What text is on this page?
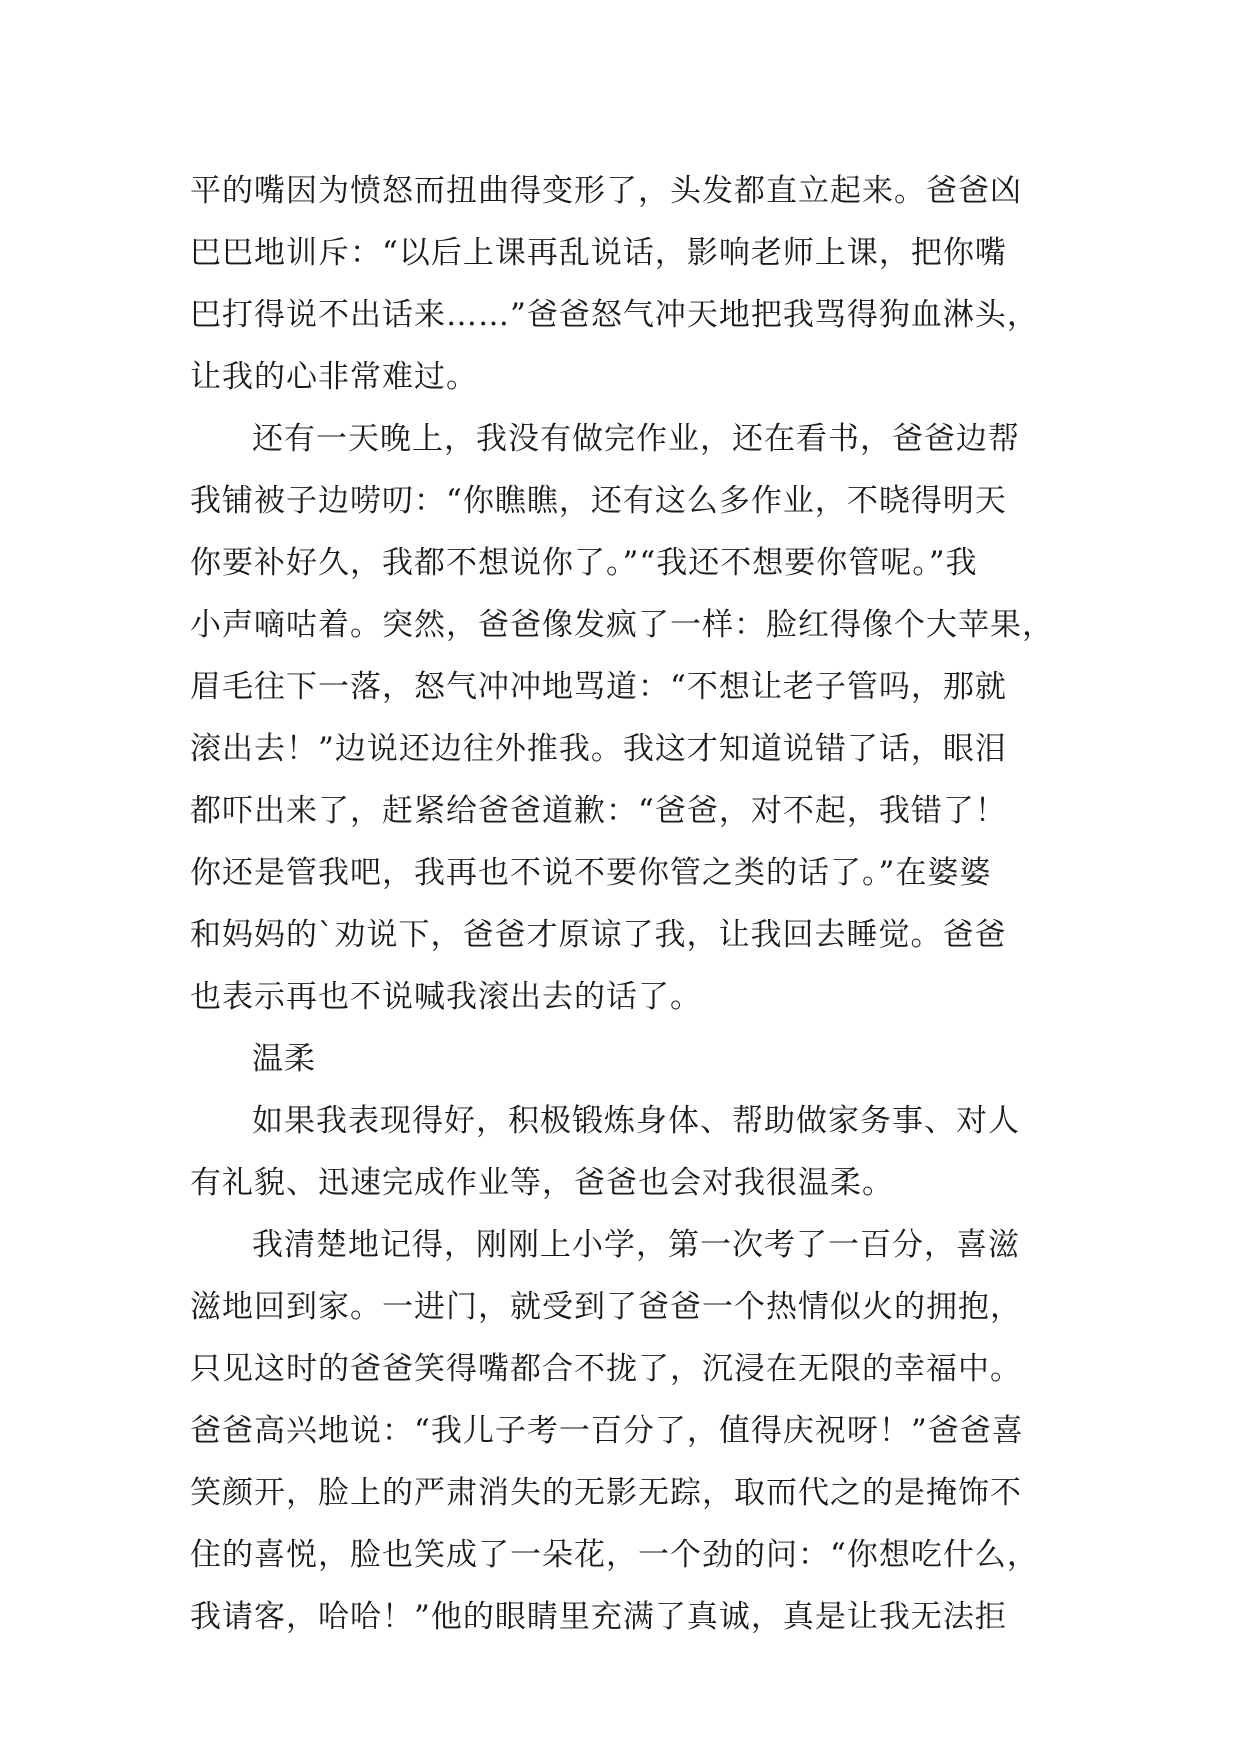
平的嘴因为愤怒而扭曲得变形了，头发都直立起来。爸爸凶
巴巴地训斥：“以后上课再乱说话，影响老师上课，把你嘴
巴打得说不出话来……”爸爸怒气冲天地把我骂得狗血淋头，
让我的心非常难过。
还有一天晚上，我没有做完作业，还在看书，爸爸边帮
我铺被子边唠叨：“你瞧瞧，还有这么多作业，不晓得明天
你要补好久，我都不想说你了。”“我还不想要你管呢。”我
小声嘀咕着。突然，爸爸像发疯了一样：脸红得像个大苹果，
眉毛往下一落，怒气冲冲地骂道：“不想让老子管吗，那就
滚出去！”边说还边往外推我。我这才知道说错了话，眼泪
都吓出来了，赶紧给爸爸道歉：“爸爸，对不起，我错了！
你还是管我吧，我再也不说不要你管之类的话了。”在婆婆
和妈妈的`劝说下，爸爸才原谅了我，让我回去睡觉。爸爸
也表示再也不说喊我滚出去的话了。
温柔
如果我表现得好，积极锻炼身体、帮助做家务事、对人
有礼貌、迅速完成作业等，爸爸也会对我很温柔。
我清楚地记得，刚刚上小学，第一次考了一百分，喜滋
滋地回到家。一进门，就受到了爸爸一个热情似火的拥抱，
只见这时的爸爸笑得嘴都合不拢了，沉浸在无限的幸福中。
爸爸高兴地说：“我儿子考一百分了，值得庆祝呀！”爸爸喜
笑颜开，脸上的严肃消失的无影无踪，取而代之的是掩饰不
住的喜悦，脸也笑成了一朵花，一个劲的问：“你想吃什么，
我请客，哈哈！”他的眼睛里充满了真诚，真是让我无法拒
